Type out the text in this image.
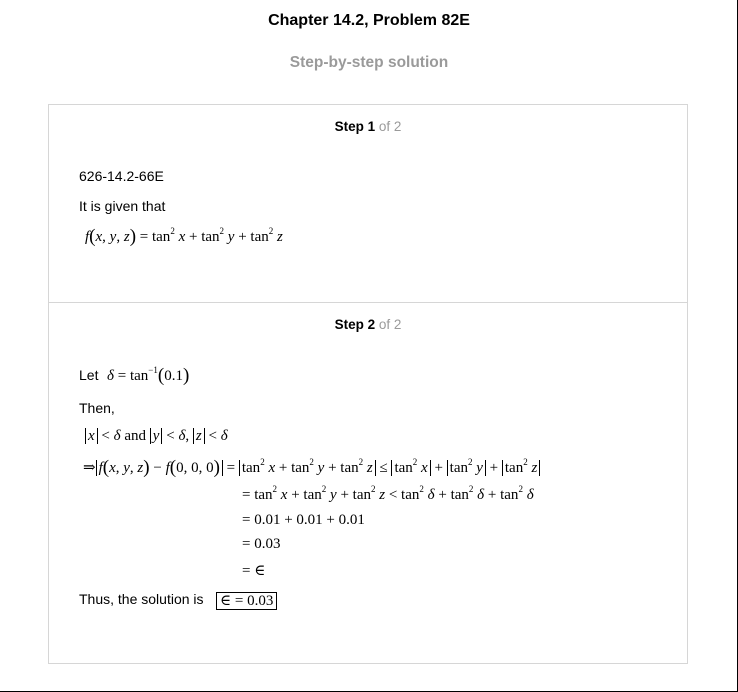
Chapter 14.2, Problem 82E
Step-by-step solution
Step 1 of 2
626-14.2-66E
It is given that
f(x, y, $z) = \tan^2 x + \tan^2 y + \tan^2 z$
Step 2 of 2
Let $\delta = \tan^{-1}(0.1)$
Then,
x < δ and y < δ, z < δ
⇒ f(x, y, z) − f(0, 0, $0) = \tan^2 x + \tan^2 y + \tan^2 z \le \tan^2 x + \tan^2 y + \tan^2 z$
= $\tan^2 x + \tan^2 y + \tan^2 z < \tan^2 \delta + \tan^2 \delta + \tan^2 \delta$
= 0.01 + 0.01 + 0.01
= 0.03
= ∈
Thus, the solution is ∈ = 0.03
